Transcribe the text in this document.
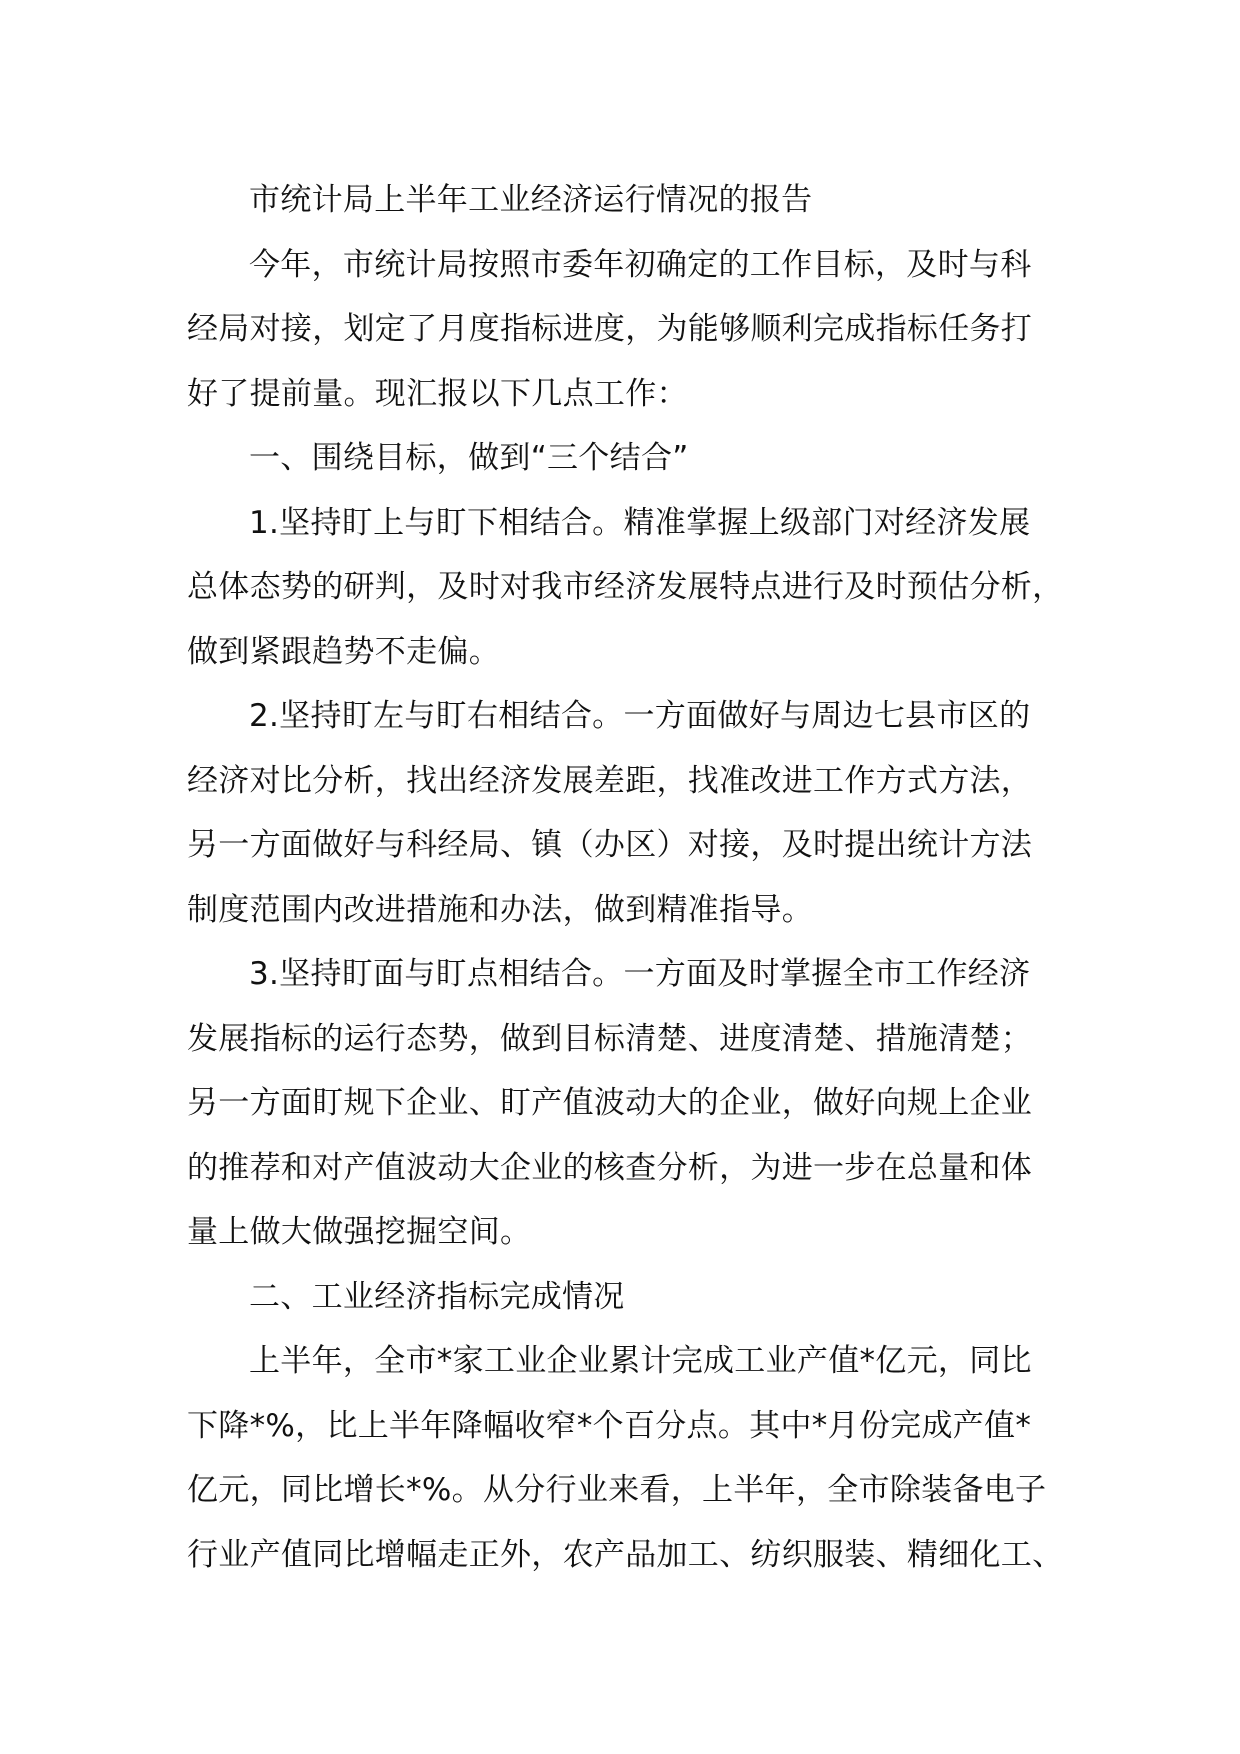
市统计局上半年工业经济运行情况的报告
今年，市统计局按照市委年初确定的工作目标，及时与科
经局对接，划定了月度指标进度，为能够顺利完成指标任务打
好了提前量。现汇报以下几点工作：
一、围绕目标，做到“三个结合”
1.坚持盯上与盯下相结合。精准掌握上级部门对经济发展
总体态势的研判，及时对我市经济发展特点进行及时预估分析，
做到紧跟趋势不走偏。
2.坚持盯左与盯右相结合。一方面做好与周边七县市区的
经济对比分析，找出经济发展差距，找准改进工作方式方法，
另一方面做好与科经局、镇（办区）对接，及时提出统计方法
制度范围内改进措施和办法，做到精准指导。
3.坚持盯面与盯点相结合。一方面及时掌握全市工作经济
发展指标的运行态势，做到目标清楚、进度清楚、措施清楚；
另一方面盯规下企业、盯产值波动大的企业，做好向规上企业
的推荐和对产值波动大企业的核查分析，为进一步在总量和体
量上做大做强挖掘空间。
二、工业经济指标完成情况
上半年，全市*家工业企业累计完成工业产值*亿元，同比
下降*%，比上半年降幅收窄*个百分点。其中*月份完成产值*
亿元，同比增长*%。从分行业来看，上半年，全市除装备电子
行业产值同比增幅走正外，农产品加工、纺织服装、精细化工、
